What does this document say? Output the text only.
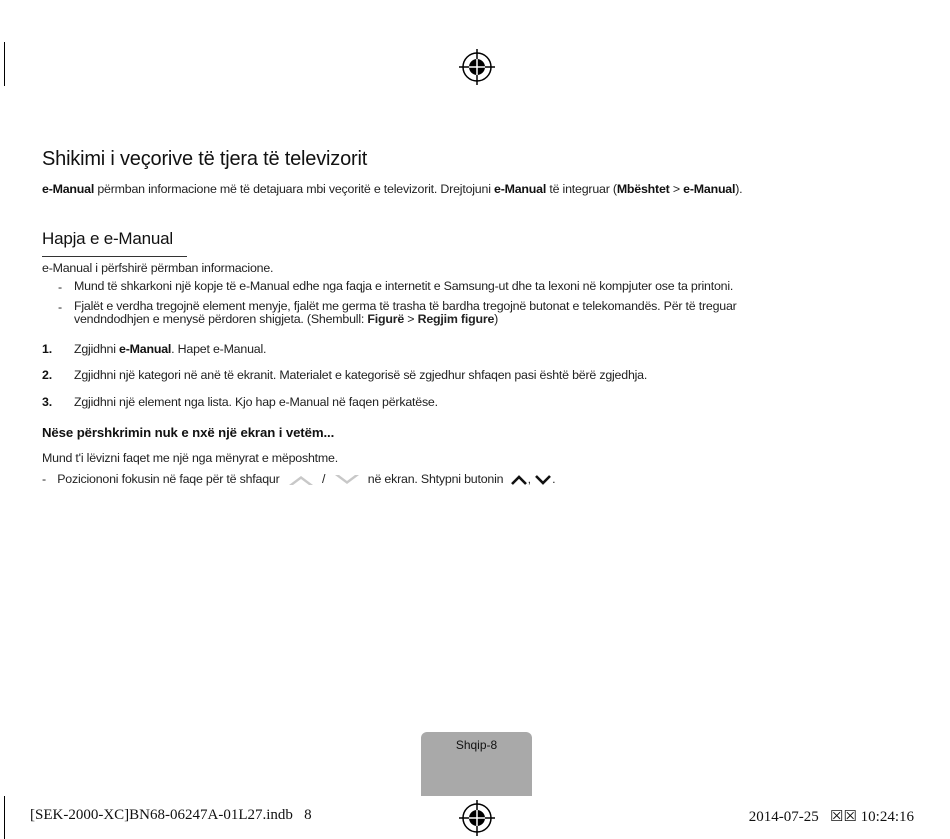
Shikimi i veçorive të tjera të televizorit
e-Manual përmban informacione më të detajuara mbi veçoritë e televizorit. Drejtojuni e-Manual të integruar (Mbështet > e-Manual).
Hapja e e-Manual
e-Manual i përfshirë përmban informacione.
- Mund të shkarkoni një kopje të e-Manual edhe nga faqja e internetit e Samsung-ut dhe ta lexoni në kompjuter ose ta printoni.
- Fjalët e verdha tregojnë element menyje, fjalët me germa të trasha të bardha tregojnë butonat e telekomandës. Për të treguar
vendndodhjen e menysë përdoren shigjeta. (Shembull: Figurë > Regjim figure)
1. Zgjidhni e-Manual. Hapet e-Manual.
2. Zgjidhni një kategori në anë të ekranit. Materialet e kategorisë së zgjedhur shfaqen pasi është bërë zgjedhja.
3. Zgjidhni një element nga lista. Kjo hap e-Manual në faqen përkatëse.
Nëse përshkrimin nuk e nxë një ekran i vetëm...
Mund t'i lëvizni faqet me një nga mënyrat e mëposhtme.
- Poziciononi fokusin në faqe për të shfaqur	/	në ekran. Shtypni butonin , .
Shqip-8
[SEK-2000-XC]BN68-06247A-01L27.indb   8	2014-07-25   ☒☒ 10:24:16
